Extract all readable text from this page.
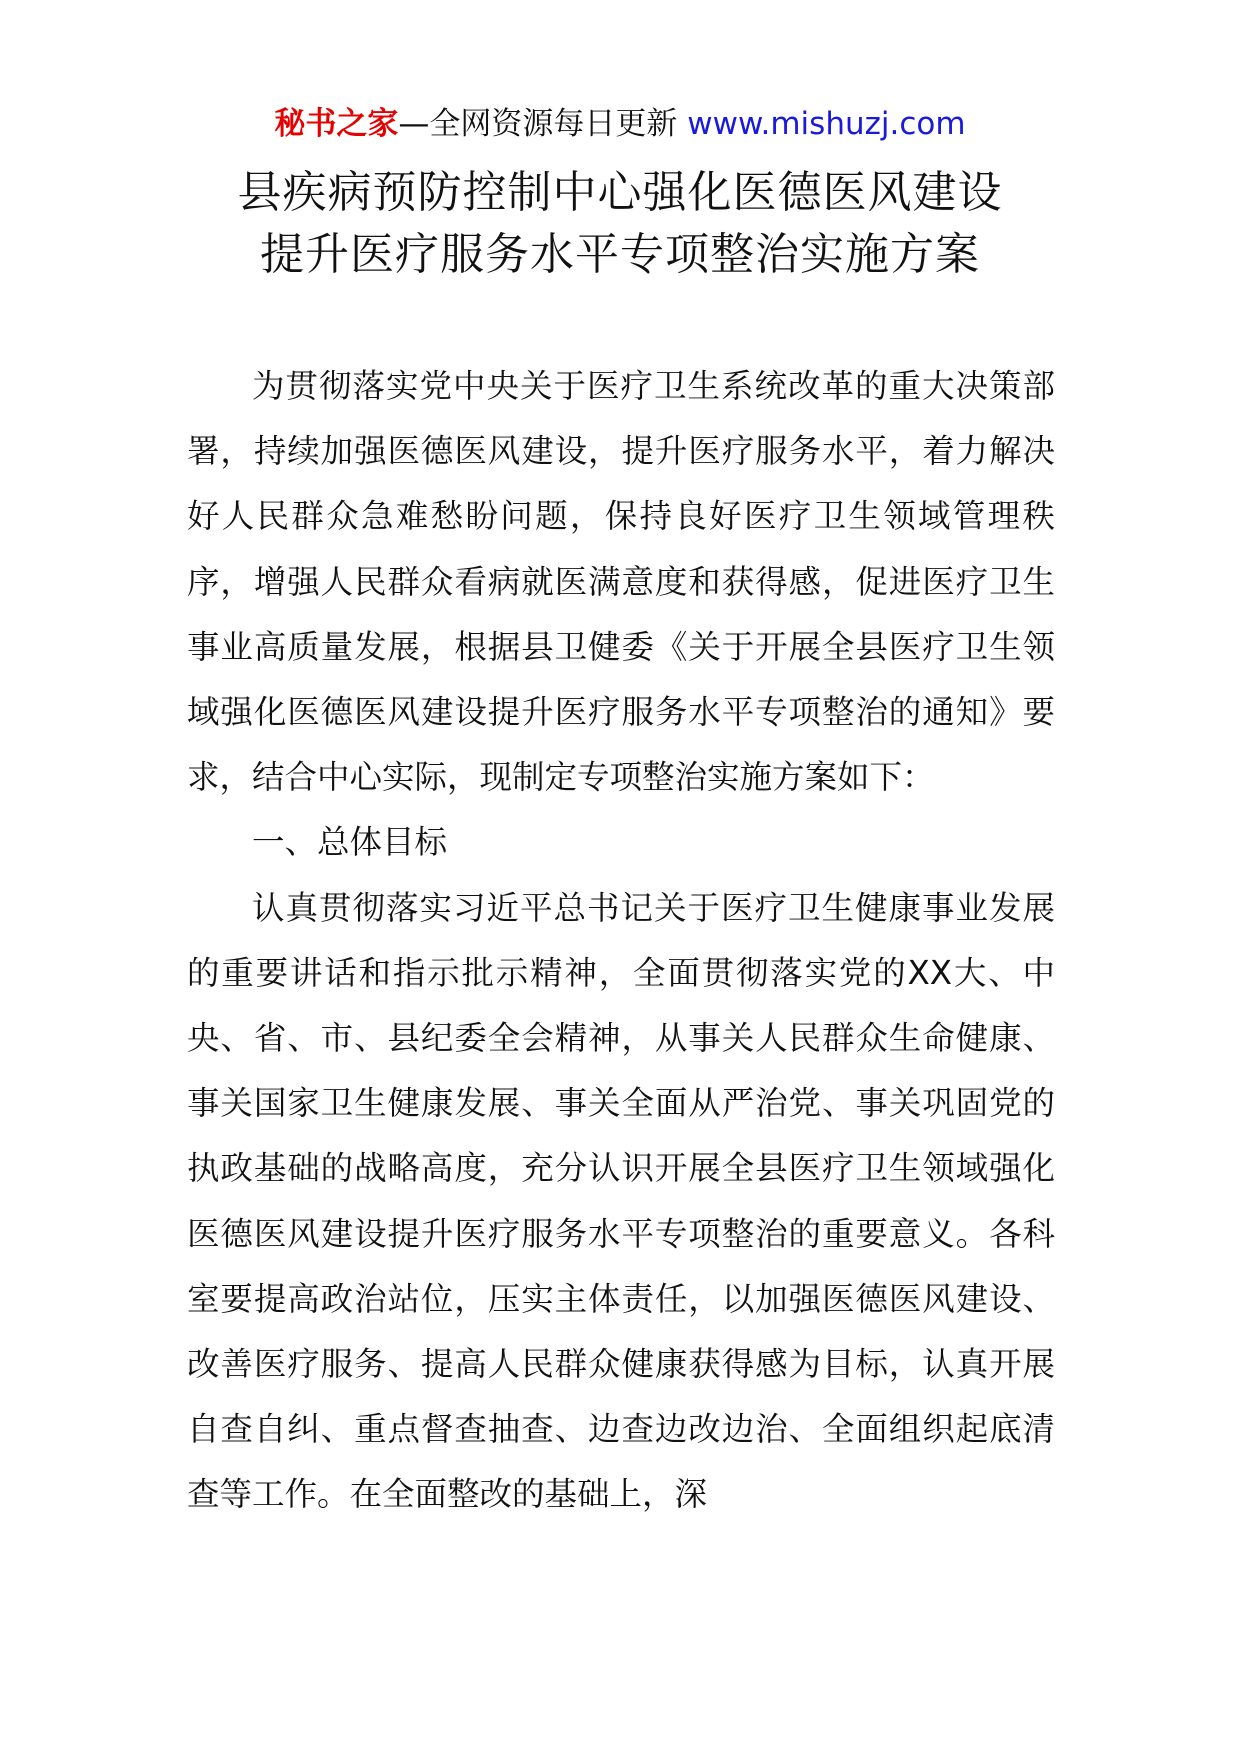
秘书之家—全网资源每日更新 www.mishuzj.com
县疾病预防控制中心强化医德医风建设
提升医疗服务水平专项整治实施方案

为贯彻落实党中央关于医疗卫生系统改革的重大决策部署，持续加强医德医风建设，提升医疗服务水平，着力解决好人民群众急难愁盼问题，保持良好医疗卫生领域管理秩序，增强人民群众看病就医满意度和获得感，促进医疗卫生事业高质量发展，根据县卫健委《关于开展全县医疗卫生领域强化医德医风建设提升医疗服务水平专项整治的通知》要求，结合中心实际，现制定专项整治实施方案如下：

一、总体目标

认真贯彻落实习近平总书记关于医疗卫生健康事业发展的重要讲话和指示批示精神，全面贯彻落实党的XX大、中央、省、市、县纪委全会精神，从事关人民群众生命健康、事关国家卫生健康发展、事关全面从严治党、事关巩固党的执政基础的战略高度，充分认识开展全县医疗卫生领域强化医德医风建设提升医疗服务水平专项整治的重要意义。各科室要提高政治站位，压实主体责任，以加强医德医风建设、改善医疗服务、提高人民群众健康获得感为目标，认真开展自查自纠、重点督查抽查、边查边改边治、全面组织起底清查等工作。在全面整改的基础上，深
